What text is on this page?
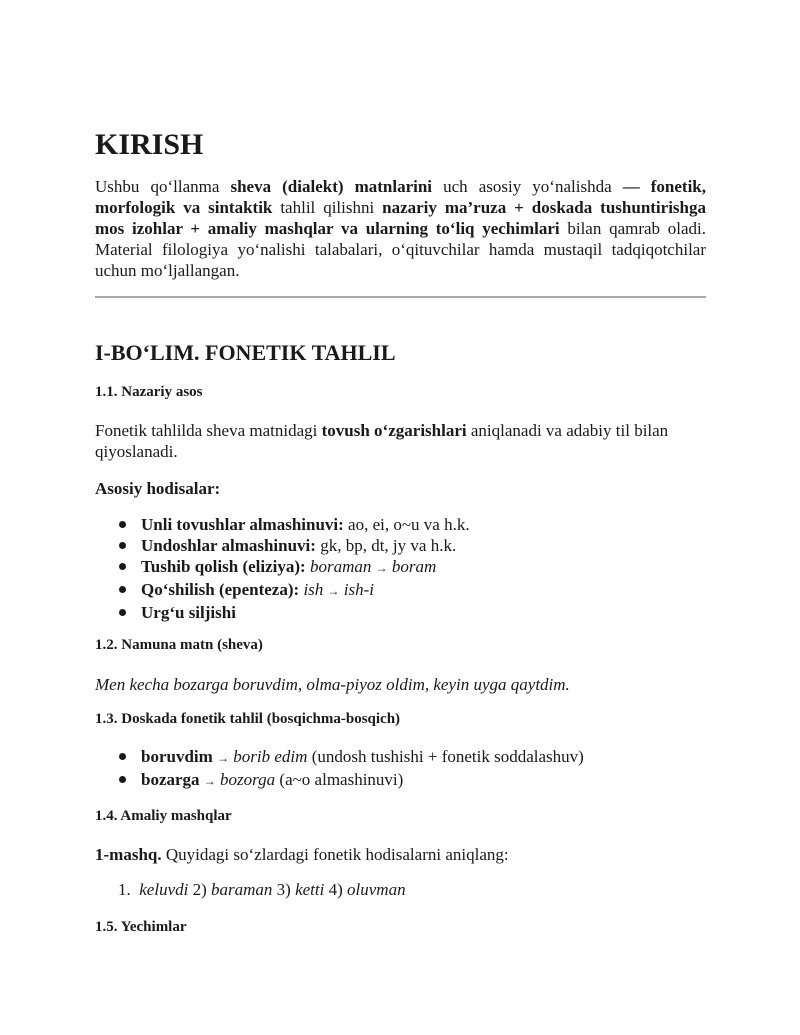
KIRISH

Ushbu qo‘llanma sheva (dialekt) matnlarini uch asosiy yo‘nalishda — fonetik, morfologik va sintaktik tahlil qilishni nazariy ma’ruza + doskada tushuntirishga mos izohlar + amaliy mashqlar va ularning to‘liq yechimlari bilan qamrab oladi. Material filologiya yo‘nalishi talabalari, o‘qituvchilar hamda mustaqil tadqiqotchilar uchun mo‘ljallangan.

I-BO‘LIM. FONETIK TAHLIL
1.1. Nazariy asos

Fonetik tahlilda sheva matnidagi tovush o‘zgarishlari aniqlanadi va adabiy til bilan qiyoslanadi.

Asosiy hodisalar:

Unli tovushlar almashinuvi: ao, ei, o~u va h.k.
Undoshlar almashinuvi: gk, bp, dt, jy va h.k.
Tushib qolish (eliziya): boraman → boram
Qo‘shilish (epenteza): ish → ish-i
Urg‘u siljishi
1.2. Namuna matn (sheva)

Men kecha bozarga boruvdim, olma-piyoz oldim, keyin uyga qaytdim.

1.3. Doskada fonetik tahlil (bosqichma-bosqich)
boruvdim → borib edim (undosh tushishi + fonetik soddalashuv)
bozarga → bozorga (a~o almashinuvi)
1.4. Amaliy mashqlar

1-mashq. Quyidagi so‘zlardagi fonetik hodisalarni aniqlang:

1. keluvdi 2) baraman 3) ketti 4) oluvman

1.5. Yechimlar
